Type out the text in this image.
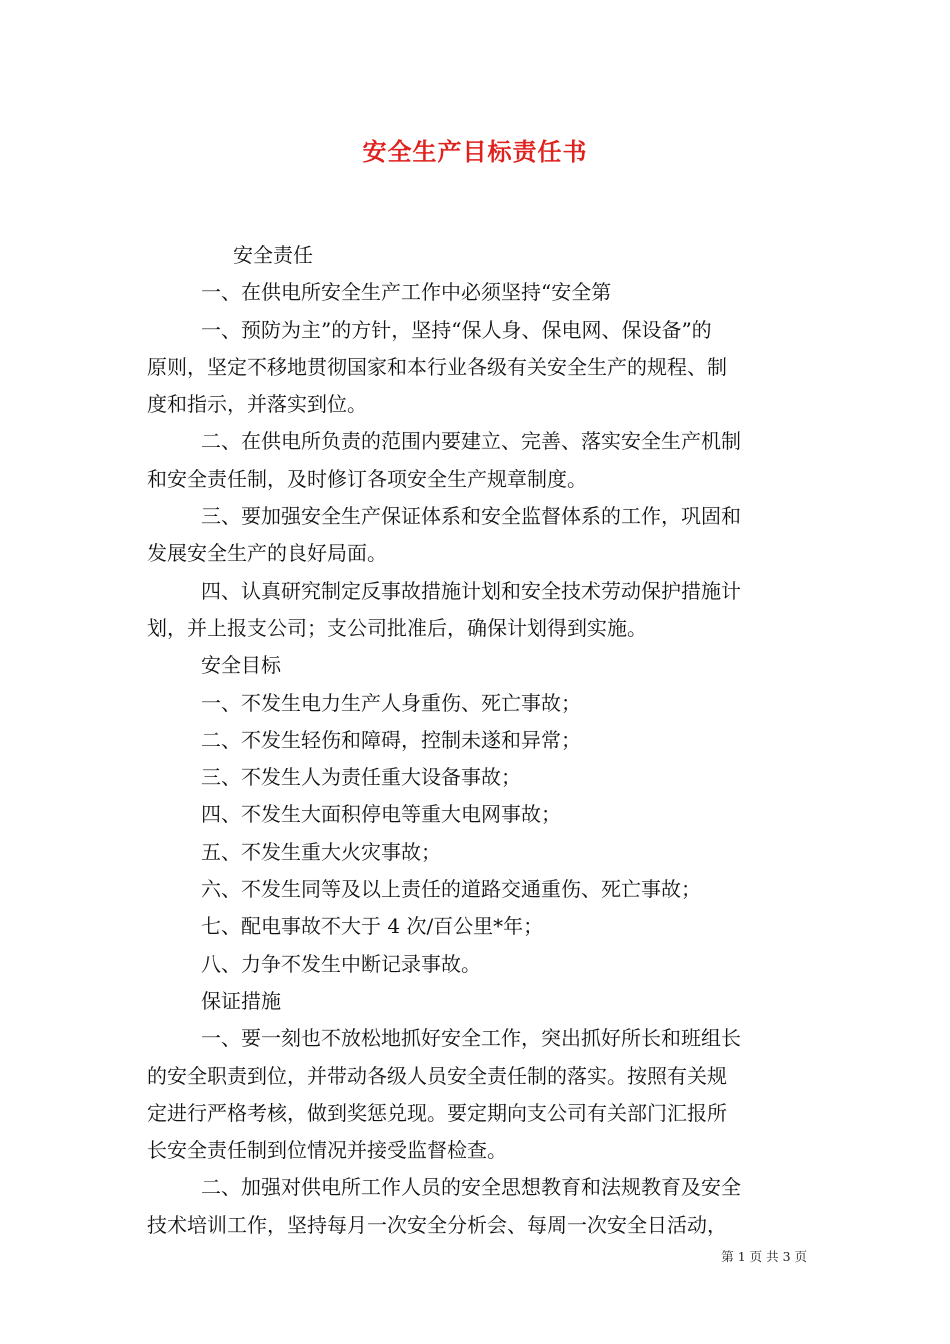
安全生产目标责任书
安全责任
一、在供电所安全生产工作中必须坚持“安全第
一、预防为主”的方针，坚持“保人身、保电网、保设备”的
原则，坚定不移地贯彻国家和本行业各级有关安全生产的规程、制
度和指示，并落实到位。
二、在供电所负责的范围内要建立、完善、落实安全生产机制
和安全责任制，及时修订各项安全生产规章制度。
三、要加强安全生产保证体系和安全监督体系的工作，巩固和
发展安全生产的良好局面。
四、认真研究制定反事故措施计划和安全技术劳动保护措施计
划，并上报支公司；支公司批准后，确保计划得到实施。
安全目标
一、不发生电力生产人身重伤、死亡事故；
二、不发生轻伤和障碍，控制未遂和异常；
三、不发生人为责任重大设备事故；
四、不发生大面积停电等重大电网事故；
五、不发生重大火灾事故；
六、不发生同等及以上责任的道路交通重伤、死亡事故；
七、配电事故不大于 4 次/百公里*年；
八、力争不发生中断记录事故。
保证措施
一、要一刻也不放松地抓好安全工作，突出抓好所长和班组长
的安全职责到位，并带动各级人员安全责任制的落实。按照有关规
定进行严格考核，做到奖惩兑现。要定期向支公司有关部门汇报所
长安全责任制到位情况并接受监督检查。
二、加强对供电所工作人员的安全思想教育和法规教育及安全
技术培训工作，坚持每月一次安全分析会、每周一次安全日活动，
第 1 页 共 3 页
